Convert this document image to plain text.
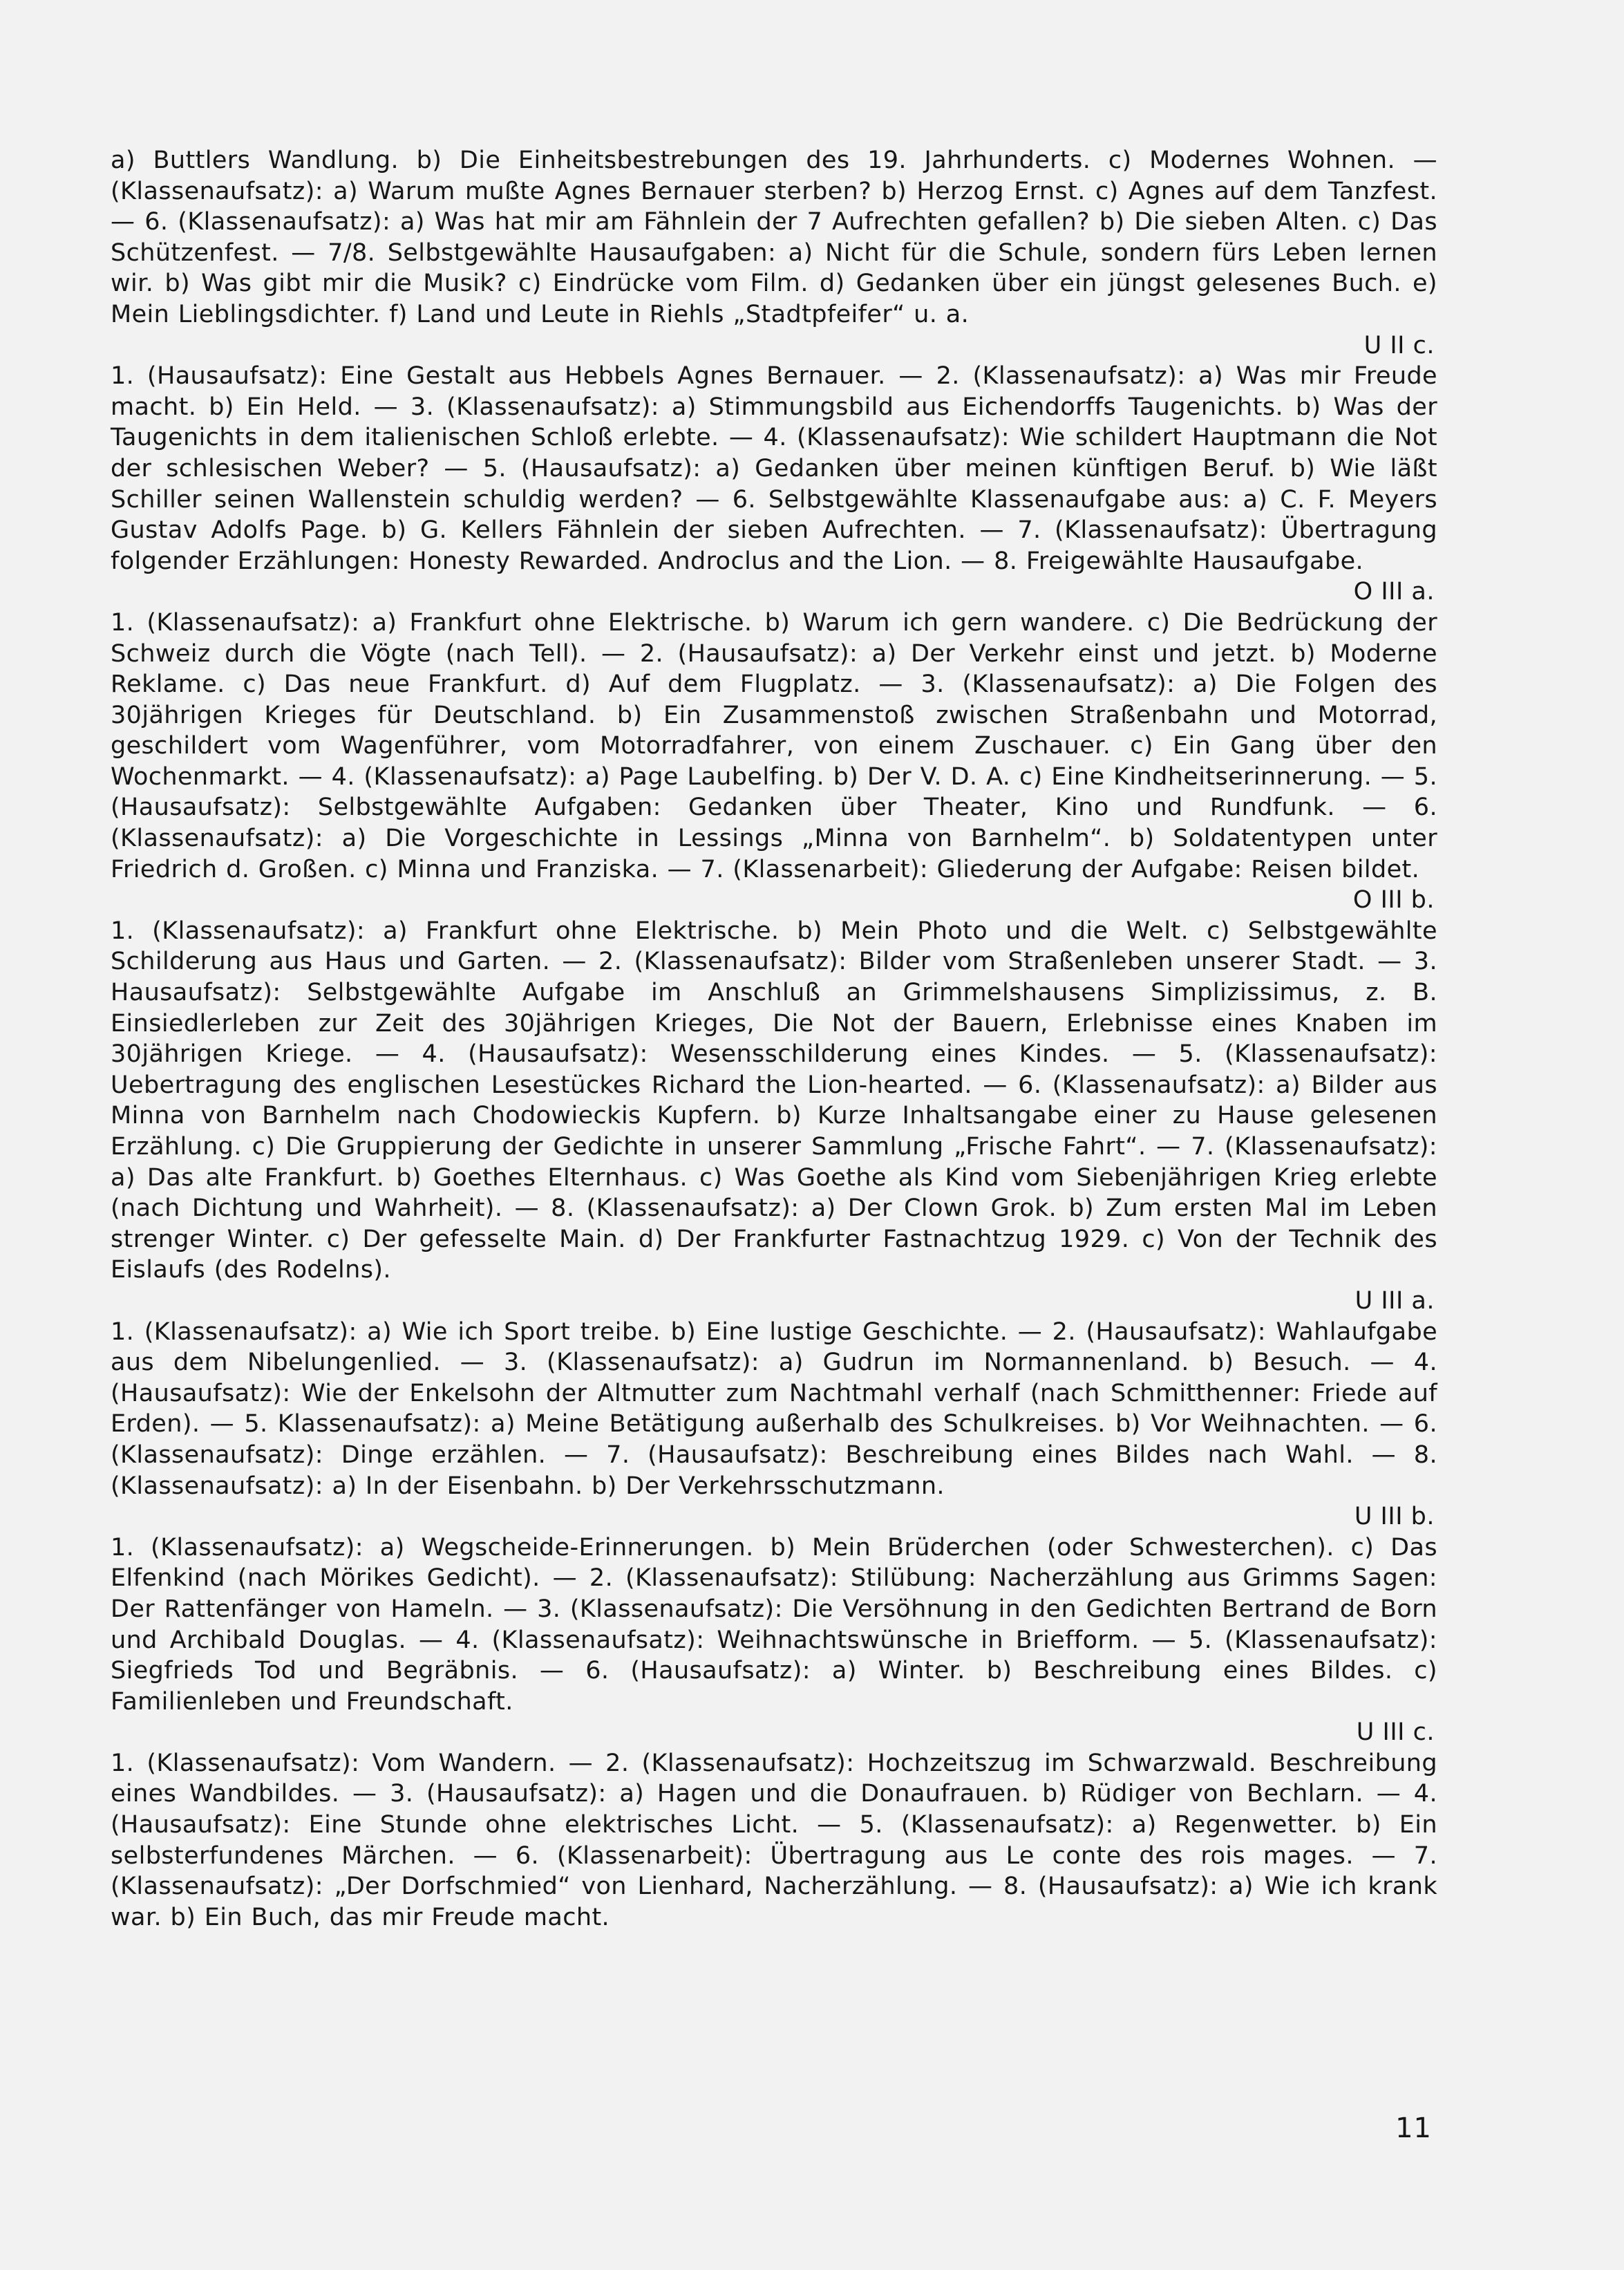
a) Buttlers Wandlung. b) Die Einheitsbestrebungen des 19. Jahrhunderts. c) Modernes Wohnen. — (Klassenaufsatz): a) Warum mußte Agnes Bernauer sterben? b) Herzog Ernst. c) Agnes auf dem Tanzfest. — 6. (Klassenaufsatz): a) Was hat mir am Fähnlein der 7 Aufrechten gefallen? b) Die sieben Alten. c) Das Schützenfest. — 7/8. Selbstgewählte Hausaufgaben: a) Nicht für die Schule, sondern fürs Leben lernen wir. b) Was gibt mir die Musik? c) Eindrücke vom Film. d) Gedanken über ein jüngst gelesenes Buch. e) Mein Lieblingsdichter. f) Land und Leute in Riehls „Stadtpfeifer“ u. a.

U II c.

1. (Hausaufsatz): Eine Gestalt aus Hebbels Agnes Bernauer. — 2. (Klassenaufsatz): a) Was mir Freude macht. b) Ein Held. — 3. (Klassenaufsatz): a) Stimmungsbild aus Eichendorffs Taugenichts. b) Was der Taugenichts in dem italienischen Schloß erlebte. — 4. (Klassenaufsatz): Wie schildert Hauptmann die Not der schlesischen Weber? — 5. (Hausaufsatz): a) Gedanken über meinen künftigen Beruf. b) Wie läßt Schiller seinen Wallenstein schuldig werden? — 6. Selbstgewählte Klassenaufgabe aus: a) C. F. Meyers Gustav Adolfs Page. b) G. Kellers Fähnlein der sieben Aufrechten. — 7. (Klassenaufsatz): Übertragung folgender Erzählungen: Honesty Rewarded. Androclus and the Lion. — 8. Freigewählte Hausaufgabe.

O III a.

1. (Klassenaufsatz): a) Frankfurt ohne Elektrische. b) Warum ich gern wandere. c) Die Bedrückung der Schweiz durch die Vögte (nach Tell). — 2. (Hausaufsatz): a) Der Verkehr einst und jetzt. b) Moderne Reklame. c) Das neue Frankfurt. d) Auf dem Flugplatz. — 3. (Klassenaufsatz): a) Die Folgen des 30jährigen Krieges für Deutschland. b) Ein Zusammenstoß zwischen Straßenbahn und Motorrad, geschildert vom Wagenführer, vom Motorradfahrer, von einem Zuschauer. c) Ein Gang über den Wochenmarkt. — 4. (Klassenaufsatz): a) Page Laubelfing. b) Der V. D. A. c) Eine Kindheitserinnerung. — 5. (Hausaufsatz): Selbstgewählte Aufgaben: Gedanken über Theater, Kino und Rundfunk. — 6. (Klassenaufsatz): a) Die Vorgeschichte in Lessings „Minna von Barnhelm“. b) Soldatentypen unter Friedrich d. Großen. c) Minna und Franziska. — 7. (Klassenarbeit): Gliederung der Aufgabe: Reisen bildet.

O III b.

1. (Klassenaufsatz): a) Frankfurt ohne Elektrische. b) Mein Photo und die Welt. c) Selbstgewählte Schilderung aus Haus und Garten. — 2. (Klassenaufsatz): Bilder vom Straßenleben unserer Stadt. — 3. Hausaufsatz): Selbstgewählte Aufgabe im Anschluß an Grimmelshausens Simplizissimus, z. B. Einsiedlerleben zur Zeit des 30jährigen Krieges, Die Not der Bauern, Erlebnisse eines Knaben im 30jährigen Kriege. — 4. (Hausaufsatz): Wesensschilderung eines Kindes. — 5. (Klassenaufsatz): Uebertragung des englischen Lesestückes Richard the Lion-hearted. — 6. (Klassenaufsatz): a) Bilder aus Minna von Barnhelm nach Chodowieckis Kupfern. b) Kurze Inhaltsangabe einer zu Hause gelesenen Erzählung. c) Die Gruppierung der Gedichte in unserer Sammlung „Frische Fahrt“. — 7. (Klassenaufsatz): a) Das alte Frankfurt. b) Goethes Elternhaus. c) Was Goethe als Kind vom Siebenjährigen Krieg erlebte (nach Dichtung und Wahrheit). — 8. (Klassenaufsatz): a) Der Clown Grok. b) Zum ersten Mal im Leben strenger Winter. c) Der gefesselte Main. d) Der Frankfurter Fastnachtzug 1929. c) Von der Technik des Eislaufs (des Rodelns).

U III a.

1. (Klassenaufsatz): a) Wie ich Sport treibe. b) Eine lustige Geschichte. — 2. (Hausaufsatz): Wahlaufgabe aus dem Nibelungenlied. — 3. (Klassenaufsatz): a) Gudrun im Normannenland. b) Besuch. — 4. (Hausaufsatz): Wie der Enkelsohn der Altmutter zum Nachtmahl verhalf (nach Schmitthenner: Friede auf Erden). — 5. Klassenaufsatz): a) Meine Betätigung außerhalb des Schulkreises. b) Vor Weihnachten. — 6. (Klassenaufsatz): Dinge erzählen. — 7. (Hausaufsatz): Beschreibung eines Bildes nach Wahl. — 8. (Klassenaufsatz): a) In der Eisenbahn. b) Der Verkehrsschutzmann.

U III b.

1. (Klassenaufsatz): a) Wegscheide-Erinnerungen. b) Mein Brüderchen (oder Schwesterchen). c) Das Elfenkind (nach Mörikes Gedicht). — 2. (Klassenaufsatz): Stilübung: Nacherzählung aus Grimms Sagen: Der Rattenfänger von Hameln. — 3. (Klassenaufsatz): Die Versöhnung in den Gedichten Bertrand de Born und Archibald Douglas. — 4. (Klassenaufsatz): Weihnachtswünsche in Briefform. — 5. (Klassenaufsatz): Siegfrieds Tod und Begräbnis. — 6. (Hausaufsatz): a) Winter. b) Beschreibung eines Bildes. c) Familienleben und Freundschaft.

U III c.

1. (Klassenaufsatz): Vom Wandern. — 2. (Klassenaufsatz): Hochzeitszug im Schwarzwald. Beschreibung eines Wandbildes. — 3. (Hausaufsatz): a) Hagen und die Donaufrauen. b) Rüdiger von Bechlarn. — 4. (Hausaufsatz): Eine Stunde ohne elektrisches Licht. — 5. (Klassenaufsatz): a) Regenwetter. b) Ein selbsterfundenes Märchen. — 6. (Klassenarbeit): Übertragung aus Le conte des rois mages. — 7. (Klassenaufsatz): „Der Dorfschmied“ von Lienhard, Nacherzählung. — 8. (Hausaufsatz): a) Wie ich krank war. b) Ein Buch, das mir Freude macht.

11
